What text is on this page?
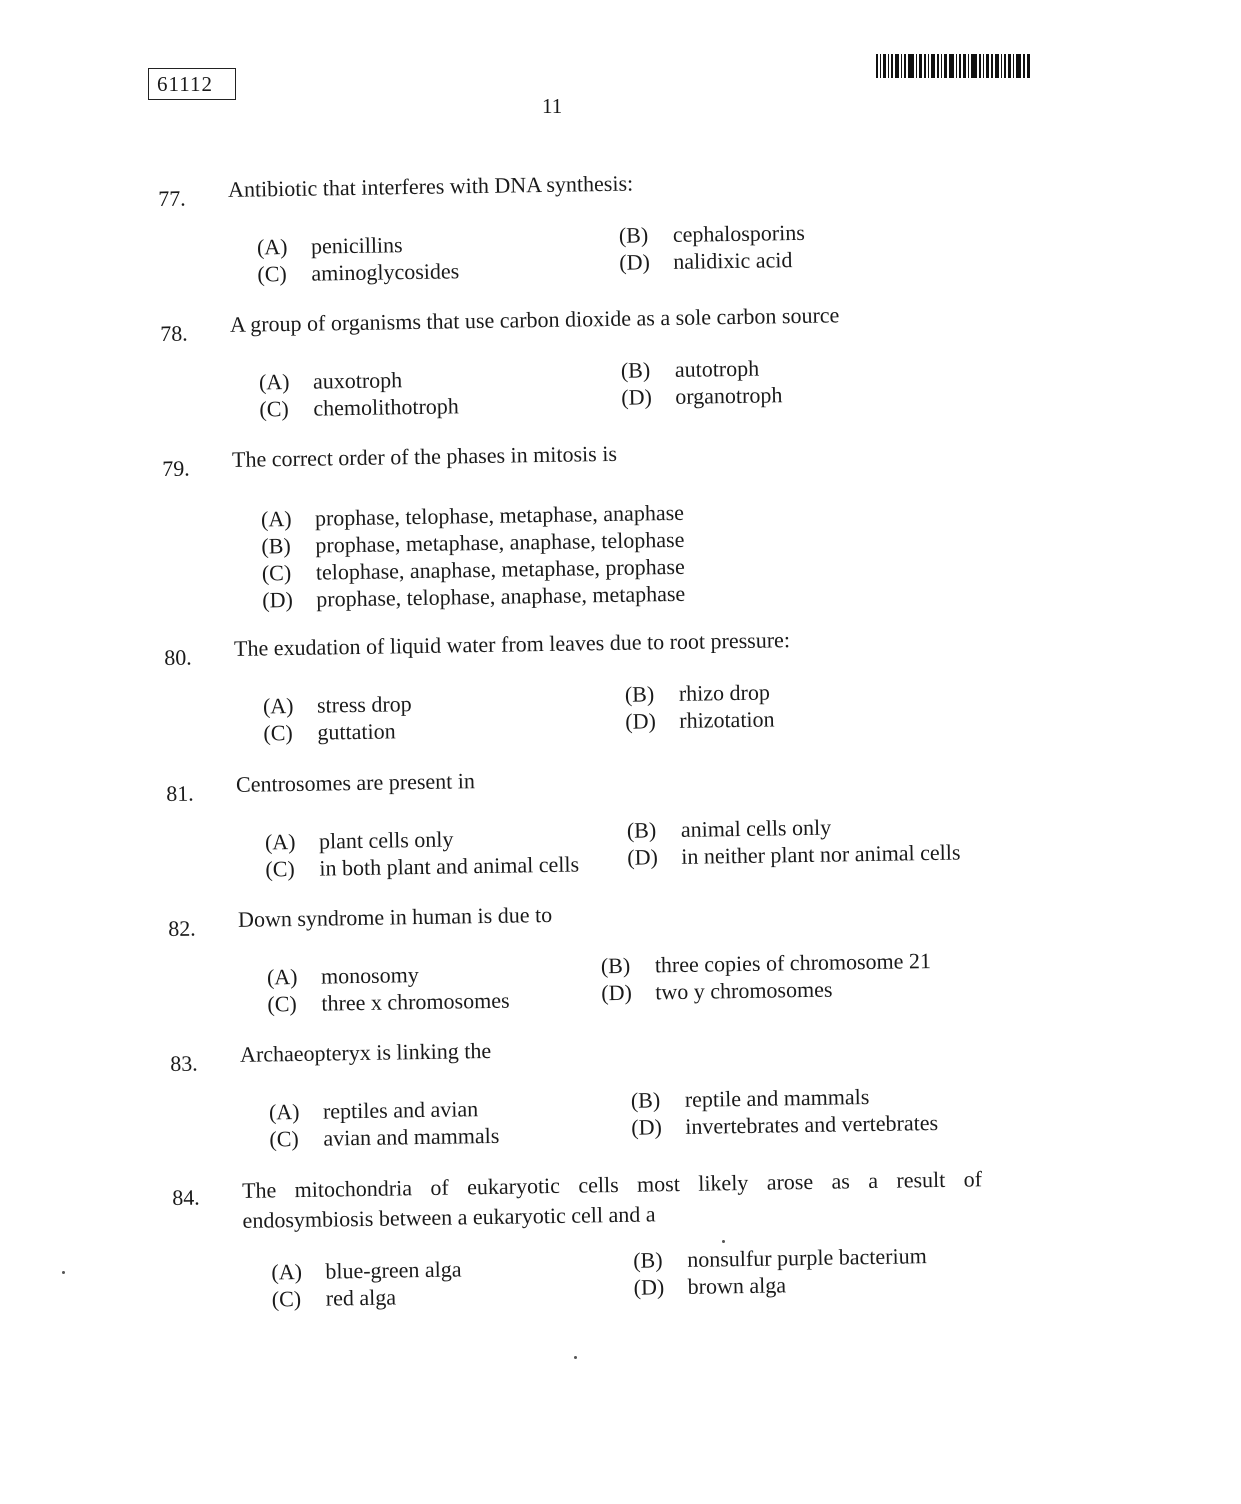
61112
11
77. Antibiotic that interferes with DNA synthesis:
(A) penicillins	(B) cephalosporins
(C) aminoglycosides	(D) nalidixic acid
78. A group of organisms that use carbon dioxide as a sole carbon source
(A) auxotroph	(B) autotroph
(C) chemolithotroph	(D) organotroph
79. The correct order of the phases in mitosis is
(A) prophase, telophase, metaphase, anaphase
(B) prophase, metaphase, anaphase, telophase
(C) telophase, anaphase, metaphase, prophase
(D) prophase, telophase, anaphase, metaphase
80. The exudation of liquid water from leaves due to root pressure:
(A) stress drop	(B) rhizo drop
(C) guttation	(D) rhizotation
81. Centrosomes are present in
(A) plant cells only	(B) animal cells only
(C) in both plant and animal cells (D) in neither plant nor animal cells
82. Down syndrome in human is due to
(A) monosomy	(B) three copies of chromosome 21
(C) three x chromosomes	(D) two y chromosomes
83. Archaeopteryx is linking the
(A) reptiles and avian	(B) reptile and mammals
(C) avian and mammals	(D) invertebrates and vertebrates
84. The mitochondria of eukaryotic cells most likely arose as a result of
endosymbiosis between a eukaryotic cell and a
(A) blue-green alga	(B) nonsulfur purple bacterium
(C) red alga	(D) brown alga
